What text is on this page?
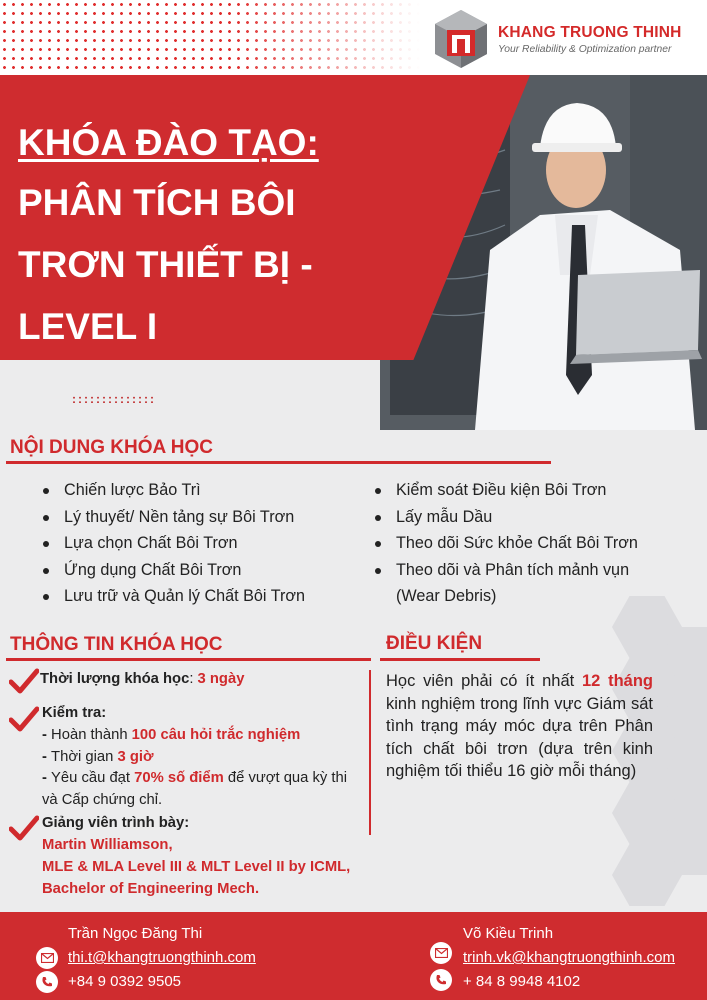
KHANG TRUONG THINH
Your Reliability & Optimization partner
KHÓA ĐÀO TẠO:
PHÂN TÍCH BÔI TRƠN THIẾT BỊ - LEVEL I
::::::::::::::
NỘI DUNG KHÓA HỌC
Chiến lược Bảo Trì
Lý thuyết/ Nền tảng sự Bôi Trơn
Lựa chọn Chất Bôi Trơn
Ứng dụng Chất Bôi Trơn
Lưu trữ và Quản lý Chất Bôi Trơn
Kiểm soát Điều kiện Bôi Trơn
Lấy mẫu Dầu
Theo dõi Sức khỏe Chất Bôi Trơn
Theo dõi và Phân tích mảnh vụn
(Wear Debris)
THÔNG TIN KHÓA HỌC	ĐIỀU KIỆN
Thời lượng khóa học: 3 ngày
Kiểm tra:
- Hoàn thành 100 câu hỏi trắc nghiệm
- Thời gian 3 giờ
- Yêu cầu đạt 70% số điểm để vượt qua kỳ thi và Cấp chứng chỉ.
Giảng viên trình bày:
Martin Williamson,
MLE & MLA Level III & MLT Level II by ICML,
Bachelor of Engineering Mech.

Học viên phải có ít nhất 12 tháng kinh nghiệm trong lĩnh vực Giám sát tình trạng máy móc dựa trên Phân tích chất bôi trơn (dựa trên kinh nghiệm tối thiểu 16 giờ mỗi tháng)

Trần Ngọc Đăng Thi
thi.t@khangtruongthinh.com
+84 9 0392 9505
Võ Kiều Trinh
trinh.vk@khangtruongthinh.com
+ 84 8 9948 4102
